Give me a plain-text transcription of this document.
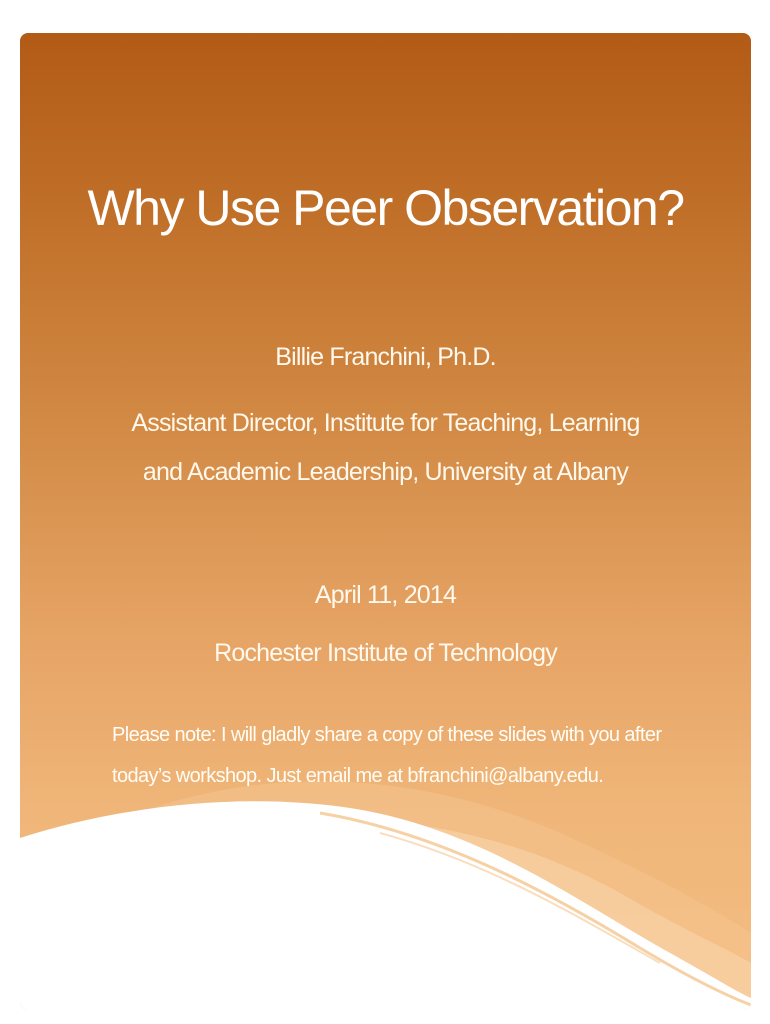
Why Use Peer Observation?

Billie Franchini, Ph.D.

Assistant Director, Institute for Teaching, Learning

and Academic Leadership, University at Albany

April 11, 2014

Rochester Institute of Technology

Please note: I will gladly share a copy of these slides with you after

today’s workshop. Just email me at bfranchini@albany.edu.
